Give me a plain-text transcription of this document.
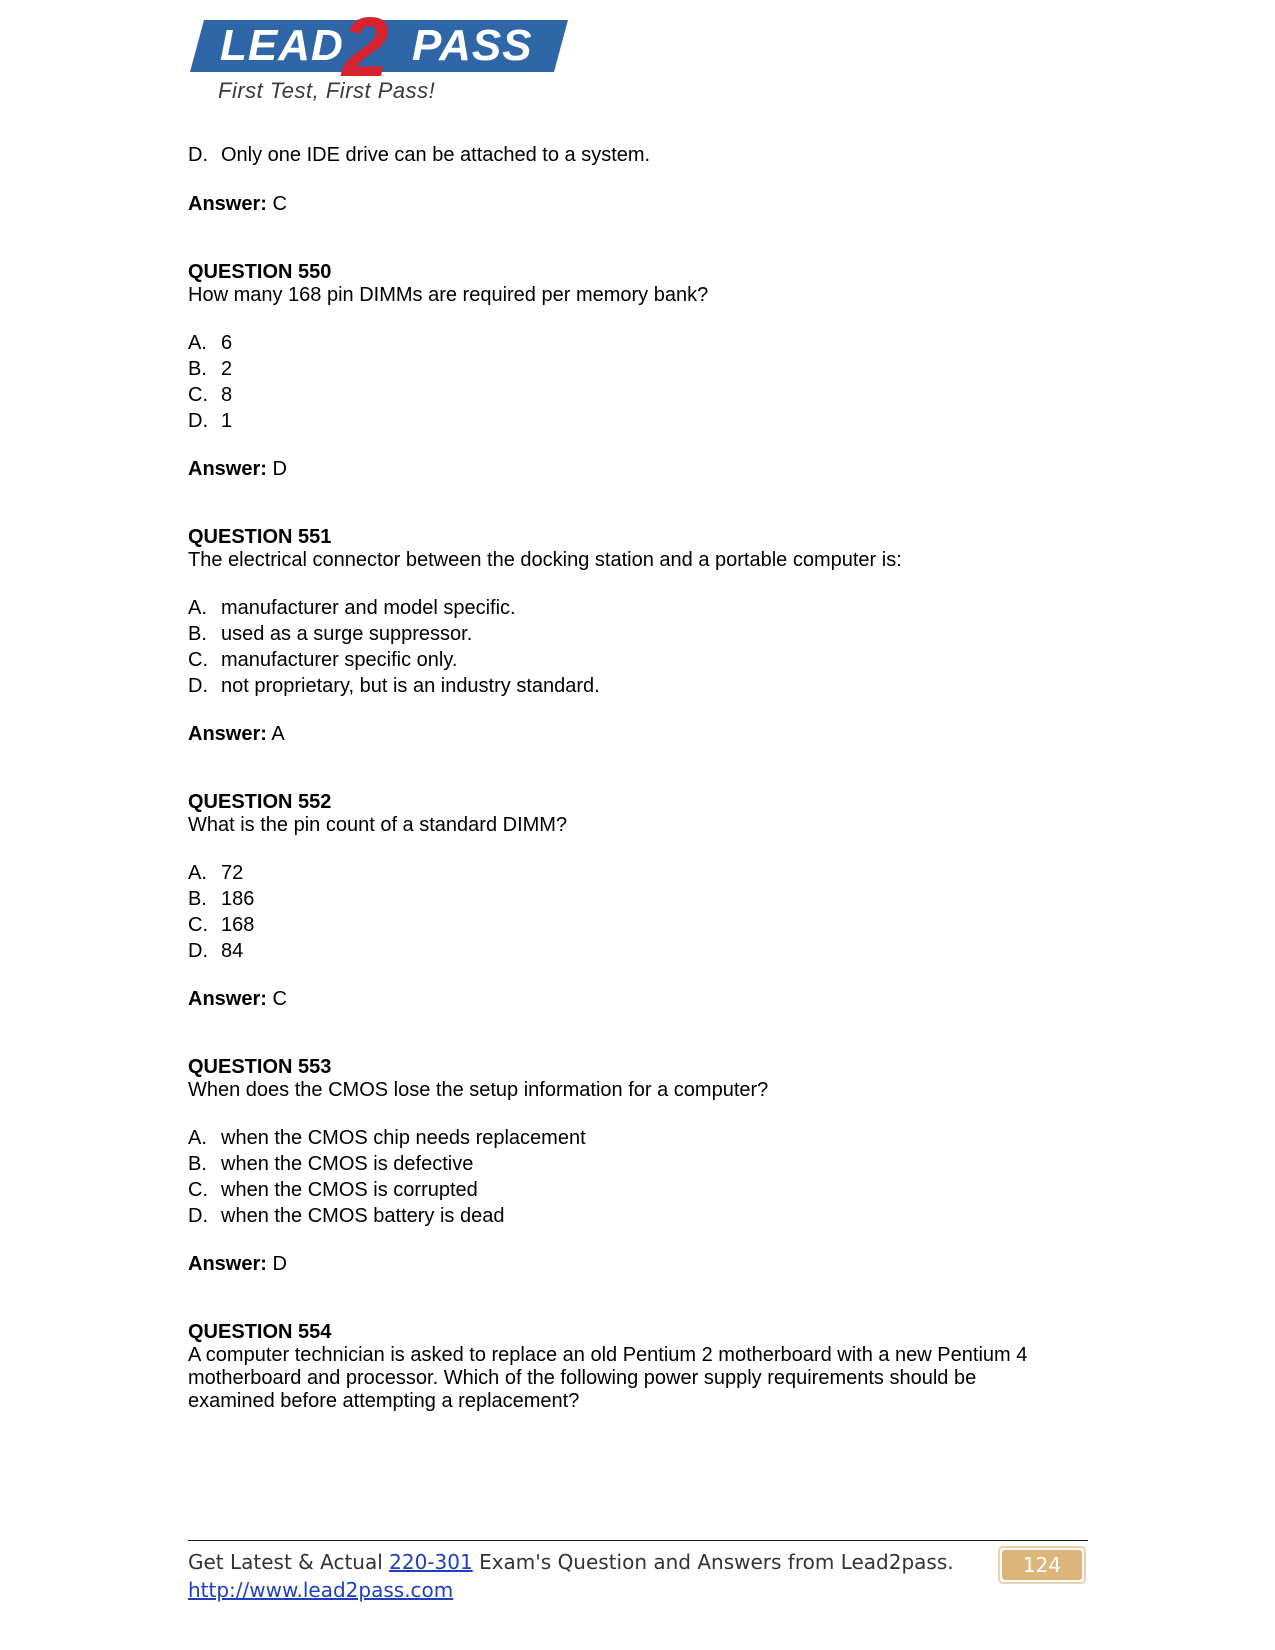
LEAD
2 PASS
First Test, First Pass!
D. Only one IDE drive can be attached to a system.
Answer: C
QUESTION 550
How many 168 pin DIMMs are required per memory bank?
A. 6
B. 2
C. 8
D. 1
Answer: D
QUESTION 551
The electrical connector between the docking station and a portable computer is:
A. manufacturer and model specific.
B. used as a surge suppressor.
C. manufacturer specific only.
D. not proprietary, but is an industry standard.
Answer: A
QUESTION 552
What is the pin count of a standard DIMM?
A. 72
B. 186
C. 168
D. 84
Answer: C
QUESTION 553
When does the CMOS lose the setup information for a computer?
A. when the CMOS chip needs replacement
B. when the CMOS is defective
C. when the CMOS is corrupted
D. when the CMOS battery is dead
Answer: D
QUESTION 554
A computer technician is asked to replace an old Pentium 2 motherboard with a new Pentium 4 motherboard and processor. Which of the following power supply requirements should be examined before attempting a replacement?
Get Latest & Actual 220-301 Exam's Question and Answers from Lead2pass.
http://www.lead2pass.com
124
